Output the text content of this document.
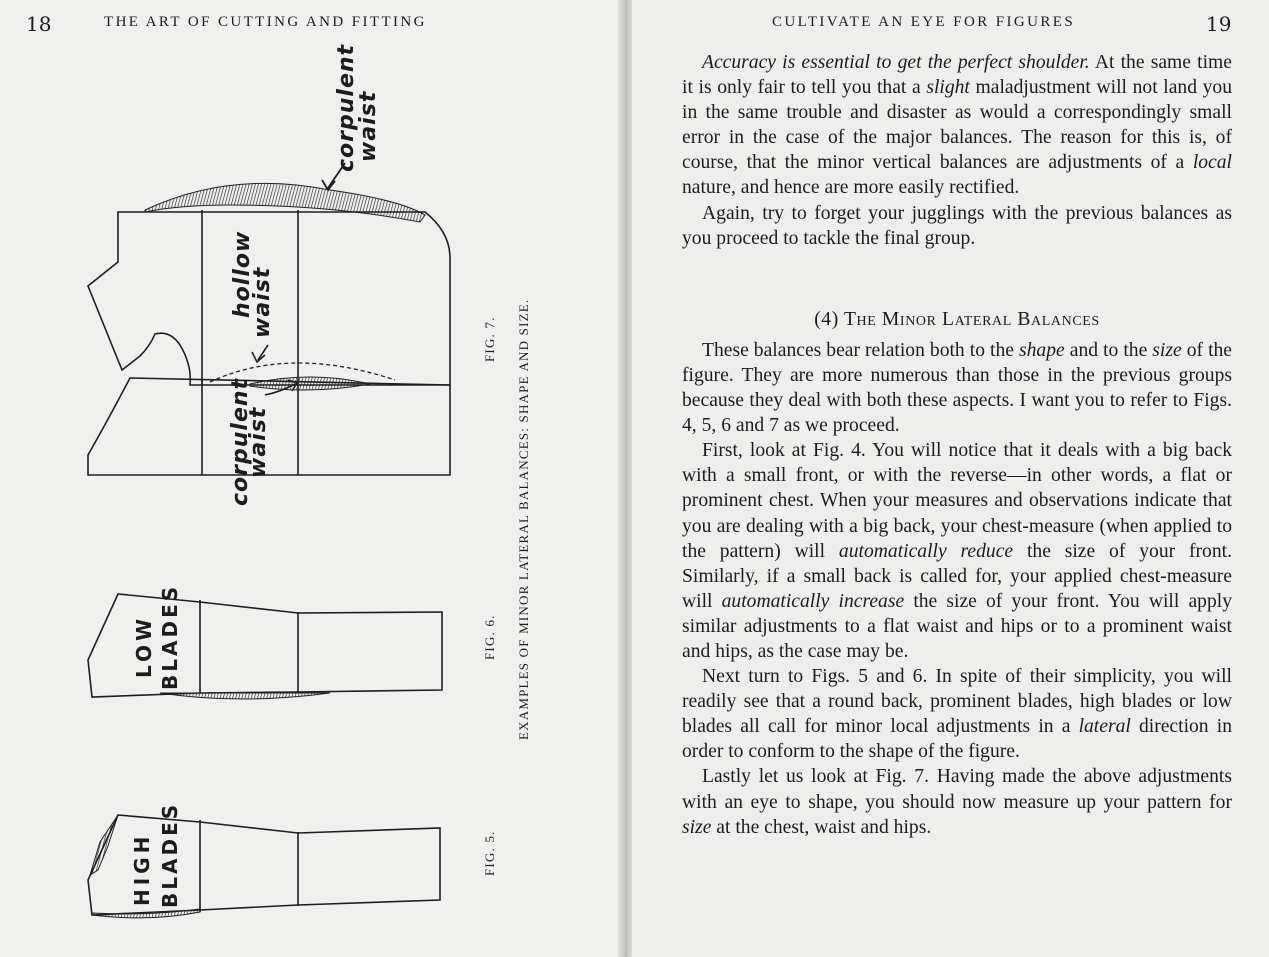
18	THE ART OF CUTTING AND FITTING
corpulent
waist
hollow
waist
corpulent
waist
LOW BLADES
HIGH BLADES
FIG. 7.
FIG. 6.
FIG. 5.
EXAMPLES OF MINOR LATERAL BALANCES: SHAPE AND SIZE.
CULTIVATE AN EYE FOR FIGURES	19

Accuracy is essential to get the perfect shoulder. At the same time it is only fair to tell you that a slight maladjustment will not land you in the same trouble and disaster as would a correspondingly small error in the case of the major balances. The reason for this is, of course, that the minor vertical balances are adjustments of a local nature, and hence are more easily rectified.

Again, try to forget your jugglings with the previous balances as you proceed to tackle the final group.

(4) The Minor Lateral Balances

These balances bear relation both to the shape and to the size of the figure. They are more numerous than those in the previous groups because they deal with both these aspects. I want you to refer to Figs. 4, 5, 6 and 7 as we proceed.

First, look at Fig. 4. You will notice that it deals with a big back with a small front, or with the reverse—in other words, a flat or prominent chest. When your measures and observations indicate that you are dealing with a big back, your chest-measure (when applied to the pattern) will automatically reduce the size of your front. Similarly, if a small back is called for, your applied chest-measure will automatically increase the size of your front. You will apply similar adjustments to a flat waist and hips or to a prominent waist and hips, as the case may be.

Next turn to Figs. 5 and 6. In spite of their simplicity, you will readily see that a round back, prominent blades, high blades or low blades all call for minor local adjustments in a lateral direction in order to conform to the shape of the figure.

Lastly let us look at Fig. 7. Having made the above adjustments with an eye to shape, you should now measure up your pattern for size at the chest, waist and hips.
